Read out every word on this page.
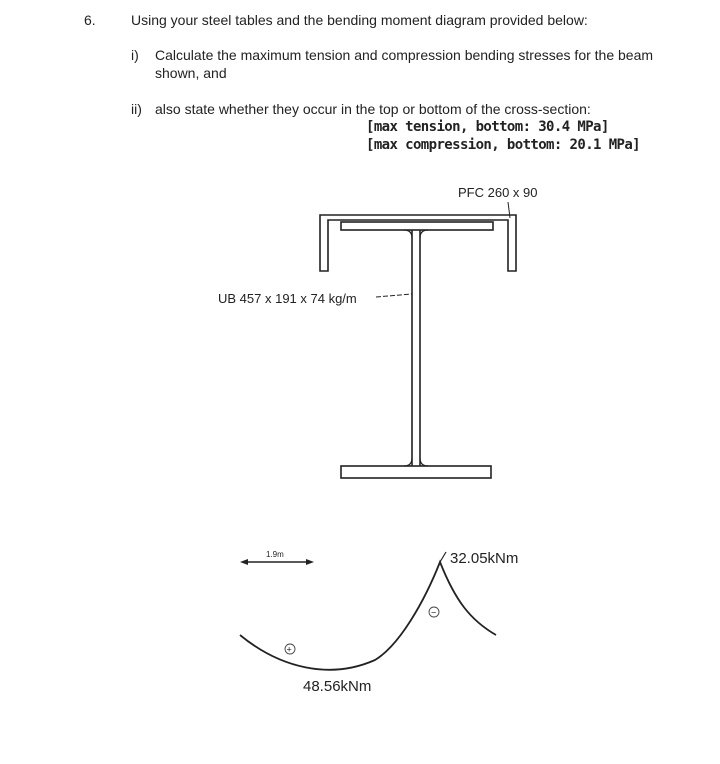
6.	Using your steel tables and the bending moment diagram provided below:
i) Calculate the maximum tension and compression bending stresses for the beam shown, and
ii) also state whether they occur in the top or bottom of the cross-section:
[max tension, bottom: 30.4 MPa]
[max compression, bottom: 20.1 MPa]
PFC 260 x 90
UB 457 x 191 x 74 kg/m
1.9m
+
−
32.05kNm
48.56kNm
